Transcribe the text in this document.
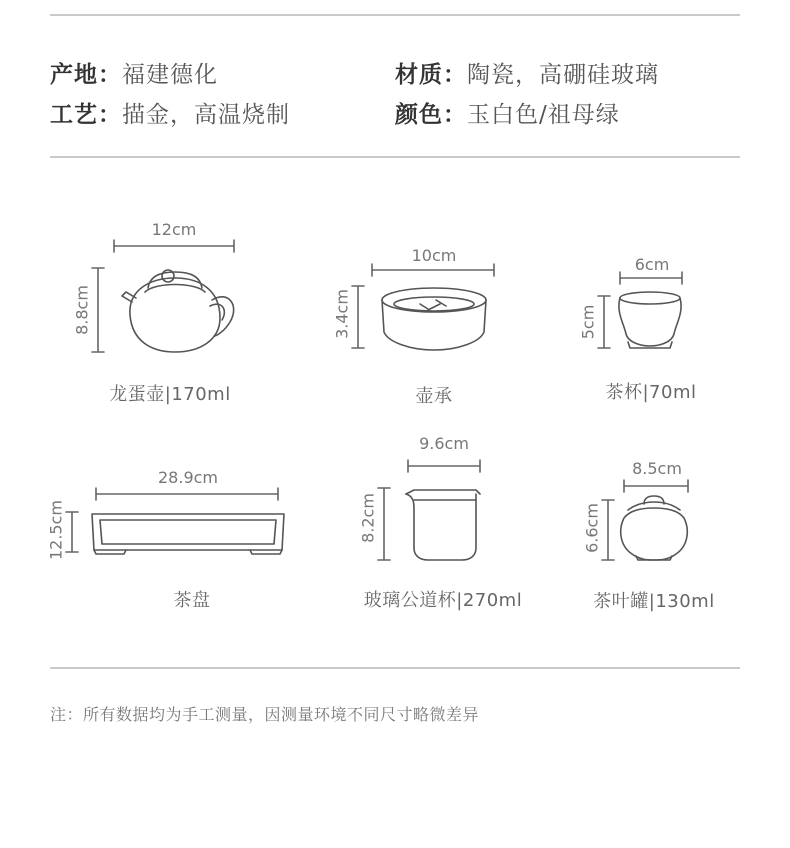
产地：福建德化	材质：陶瓷，高硼硅玻璃
工艺：描金，高温烧制	颜色：玉白色/祖母绿
12cm
8.8cm
10cm
3.4cm
6cm
5cm
28.9cm
12.5cm
9.6cm
8.2cm
8.5cm
6.6cm
龙蛋壶|170ml	壶承	茶杯|70ml
茶盘	玻璃公道杯|270ml	茶叶罐|130ml
注：所有数据均为手工测量，因测量环境不同尺寸略微差异
